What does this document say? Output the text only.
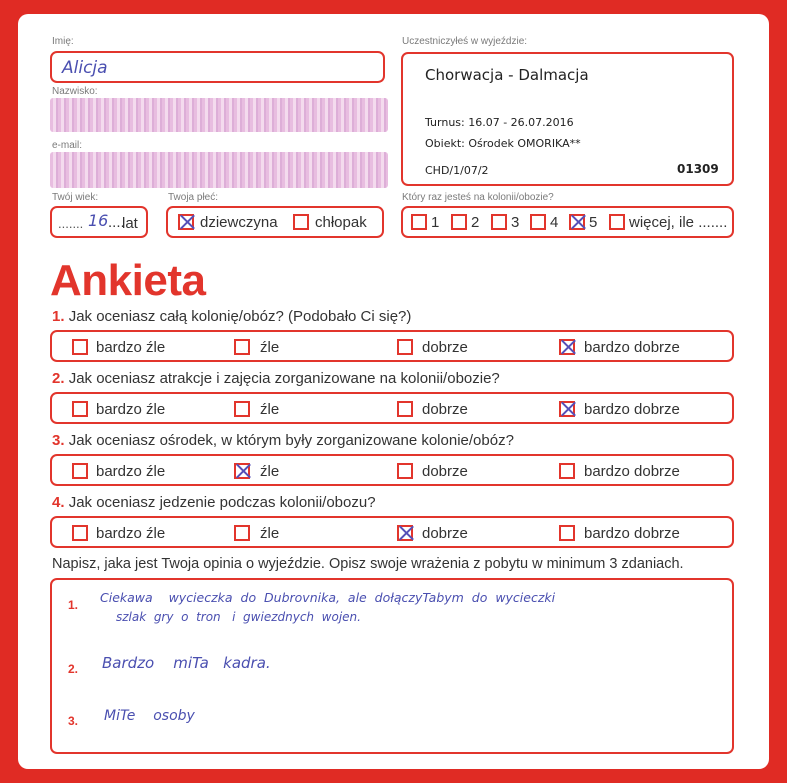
Imię:
Alicja
Nazwisko:
e-mail:
Twój wiek:
....... 16 ....
lat
Twoja płeć:
dziewczyna chłopak
Uczestniczyłeś w wyjeździe:
Chorwacja - Dalmacja
Turnus: 16.07 - 26.07.2016
Obiekt: Ośrodek OMORIKA**
CHD/1/07/2	01309
Który raz jesteś na kolonii/obozie?
1 2 3 4 5 więcej, ile .......
Ankieta
1. Jak oceniasz całą kolonię/obóz? (Podobało Ci się?)
bardzo źle	źle	dobrze	bardzo dobrze
2. Jak oceniasz atrakcje i zajęcia zorganizowane na kolonii/obozie?
bardzo źle	źle	dobrze	bardzo dobrze
3. Jak oceniasz ośrodek, w którym były zorganizowane kolonie/obóz?
bardzo źle	źle	dobrze	bardzo dobrze
4. Jak oceniasz jedzenie podczas kolonii/obozu?
bardzo źle	źle	dobrze	bardzo dobrze
Napisz, jaka jest Twoja opinia o wyjeździe. Opisz swoje wrażenia z pobytu w minimum 3 zdaniach.
1. Ciekawa    wycieczka  do  Dubrovnika,  ale  dołączyTabym  do  wycieczki
szlak  gry  o  tron   i  gwiezdnych  wojen.
2. Bardzo    miTa   kadra.
3. MiTe    osoby
